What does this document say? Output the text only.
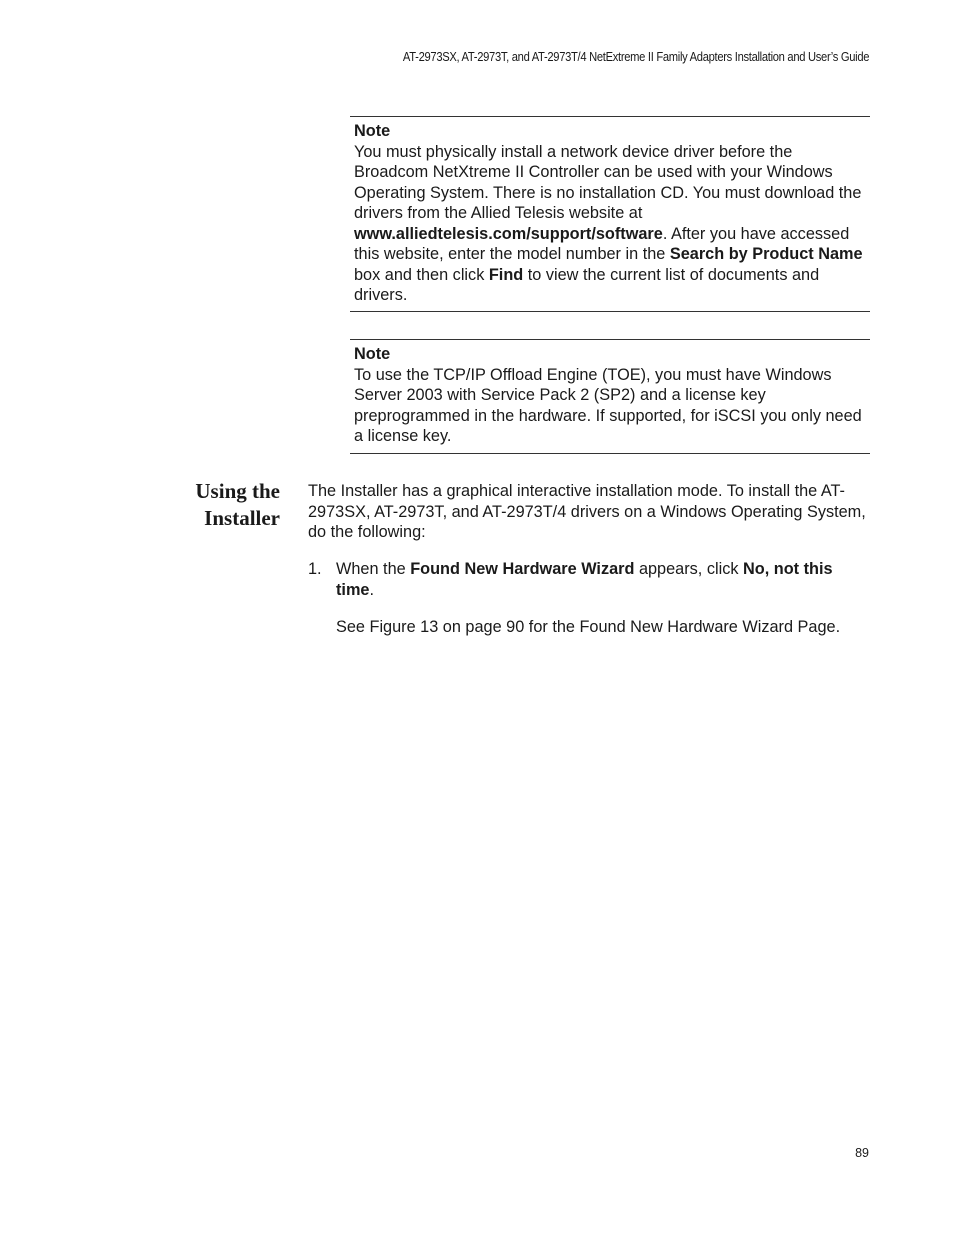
AT-2973SX, AT-2973T, and AT-2973T/4 NetExtreme II Family Adapters Installation and User’s Guide
Note

You must physically install a network device driver before the Broadcom NetXtreme II Controller can be used with your Windows Operating System. There is no installation CD. You must download the drivers from the Allied Telesis website at www.alliedtelesis.com/support/software. After you have accessed this website, enter the model number in the Search by Product Name box and then click Find to view the current list of documents and drivers.

Note

To use the TCP/IP Offload Engine (TOE), you must have Windows Server 2003 with Service Pack 2 (SP2) and a license key preprogrammed in the hardware. If supported, for iSCSI you only need a license key.

Using the
Installer
The Installer has a graphical interactive installation mode. To install the AT-2973SX, AT-2973T, and AT-2973T/4 drivers on a Windows Operating System, do the following:
1. When the Found New Hardware Wizard appears, click No, not this time.
See Figure 13 on page 90 for the Found New Hardware Wizard Page.
89
